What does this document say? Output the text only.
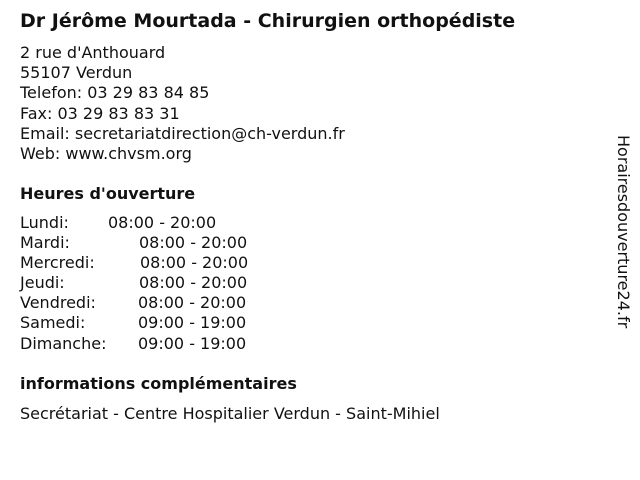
Dr Jérôme Mourtada - Chirurgien orthopédiste
2 rue d'Anthouard
55107 Verdun
Telefon: 03 29 83 84 85
Fax: 03 29 83 83 31
Email: secretariatdirection@ch-verdun.fr
Web: www.chvsm.org
Heures d'ouverture
Lundi: 08:00 - 20:00
Mardi:	08:00 - 20:00
Mercredi:	08:00 - 20:00
Jeudi:	08:00 - 20:00
Vendredi:	08:00 - 20:00
Samedi:	09:00 - 19:00
Dimanche: 09:00 - 19:00
informations complémentaires
Secrétariat - Centre Hospitalier Verdun - Saint-Mihiel
Horairesdouverture24.fr
